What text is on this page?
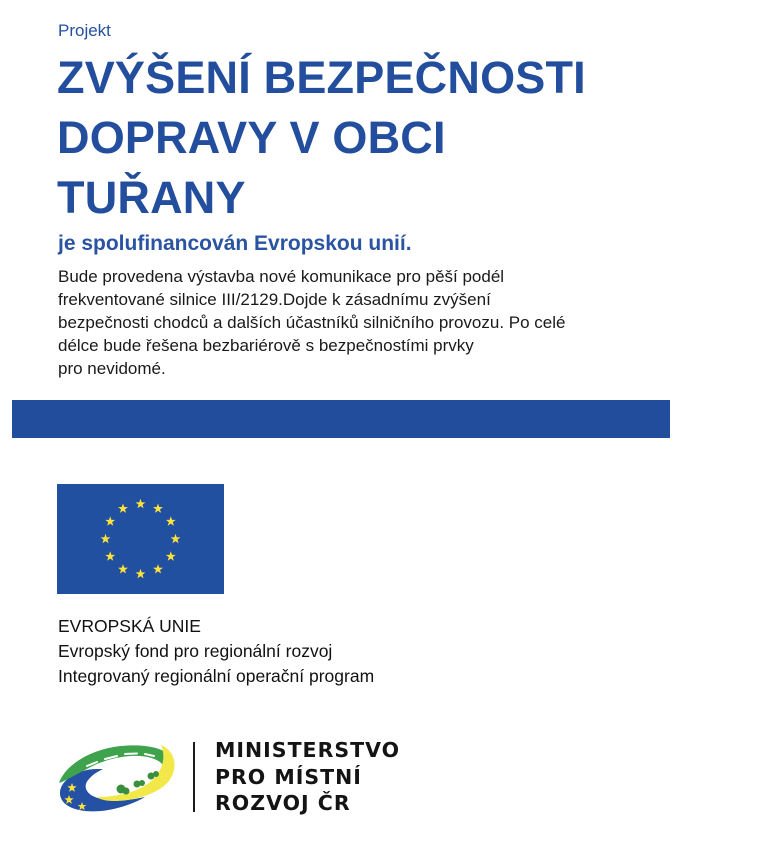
Projekt
ZVÝŠENÍ BEZPEČNOSTI
DOPRAVY V OBCI
TUŘANY
je spolufinancován Evropskou unií.
Bude provedena výstavba nové komunikace pro pěší podél
frekventované silnice III/2129.Dojde k zásadnímu zvýšení
bezpečnosti chodců a dalších účastníků silničního provozu. Po celé
délce bude řešena bezbariérově s bezpečnostími prvky
pro nevidomé.
EVROPSKÁ UNIE
Evropský fond pro regionální rozvoj
Integrovaný regionální operační program
MINISTERSTVO
PRO MÍSTNÍ
ROZVOJ ČR
